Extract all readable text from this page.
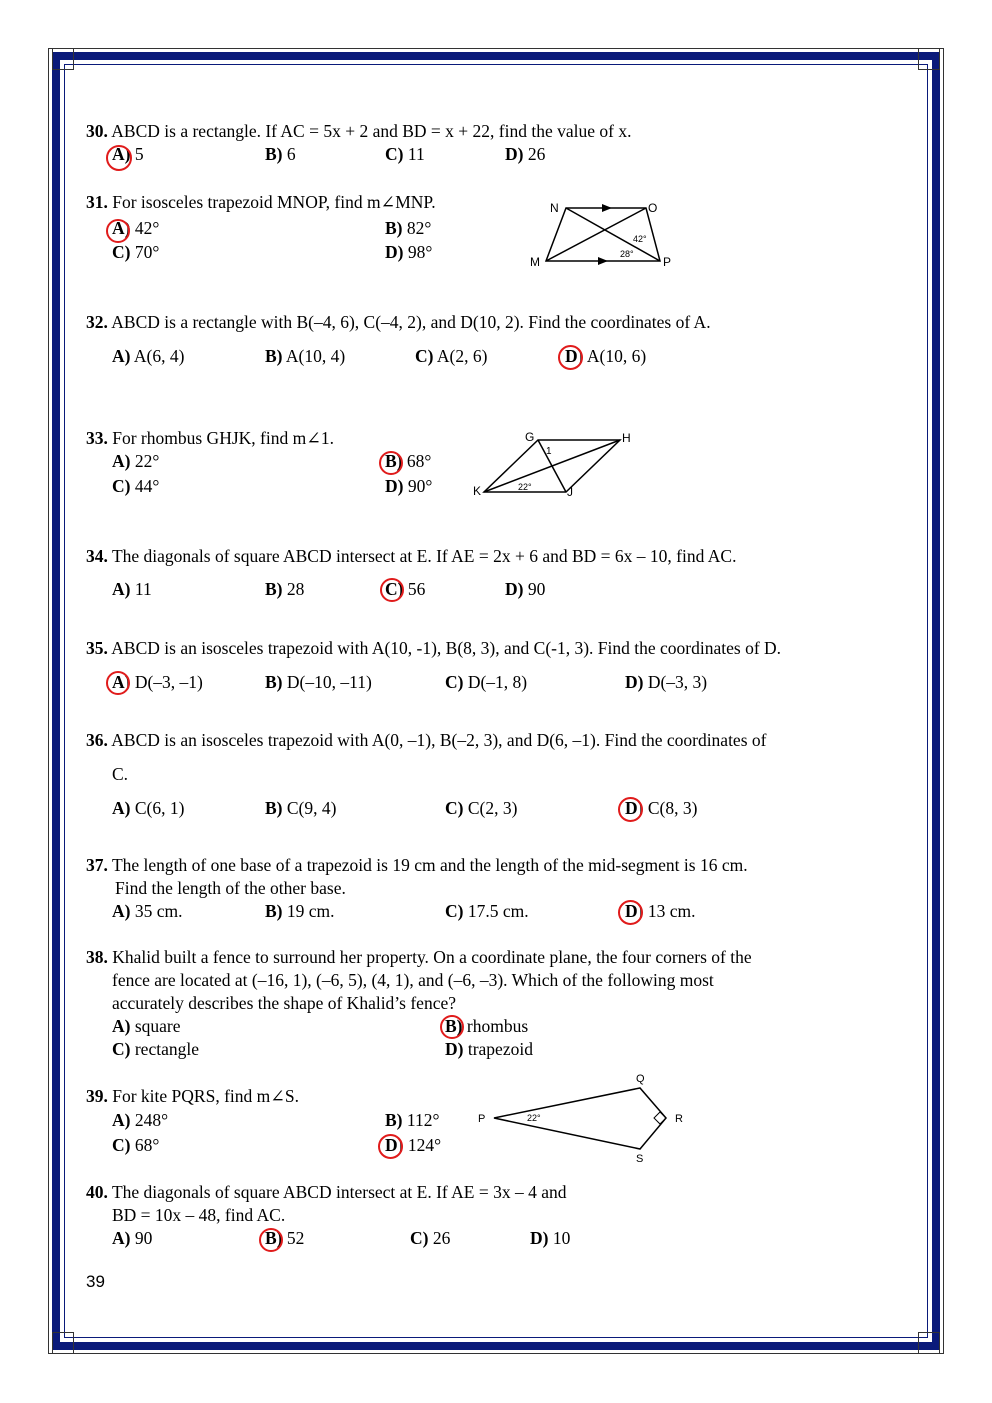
30. ABCD is a rectangle. If AC = 5x + 2 and BD = x + 22, find the value of x.
A) 5	B) 6	C) 11	D) 26
31. For isosceles trapezoid MNOP, find m∠MNP.
A) 42°	B) 82°
C) 70°	D) 98°
N	O
M	P
42°
28°
32. ABCD is a rectangle with B(–4, 6), C(–4, 2), and D(10, 2). Find the coordinates of A.
A) A(6, 4)	B) A(10, 4)	C) A(2, 6)	D) A(10, 6)
33. For rhombus GHJK, find m∠1.
A) 22°	B) 68°
C) 44°	D) 90°
G	H
K	J
1
22°
34. The diagonals of square ABCD intersect at E. If AE = 2x + 6 and BD = 6x – 10, find AC.
A) 11	B) 28	C) 56	D) 90
35. ABCD is an isosceles trapezoid with A(10, -1), B(8, 3), and C(-1, 3). Find the coordinates of D.
A) D(–3, –1)	B) D(–10, –11)	C) D(–1, 8)	D) D(–3, 3)
36. ABCD is an isosceles trapezoid with A(0, –1), B(–2, 3), and D(6, –1). Find the coordinates of
C.
A) C(6, 1)	B) C(9, 4)	C) C(2, 3)	D) C(8, 3)
37. The length of one base of a trapezoid is 19 cm and the length of the mid-segment is 16 cm.
Find the length of the other base.
A) 35 cm.	B) 19 cm.	C) 17.5 cm.	D) 13 cm.
38. Khalid built a fence to surround her property. On a coordinate plane, the four corners of the
fence are located at (–16, 1), (–6, 5), (4, 1), and (–6, –3). Which of the following most
accurately describes the shape of Khalid’s fence?
A) square	B) rhombus
C) rectangle	D) trapezoid
39. For kite PQRS, find m∠S.
A) 248°	B) 112°
C) 68°	D) 124°
Q
P	R
S
22°
40. The diagonals of square ABCD intersect at E. If AE = 3x – 4 and
BD = 10x – 48, find AC.
A) 90	B) 52	C) 26	D) 10
39
